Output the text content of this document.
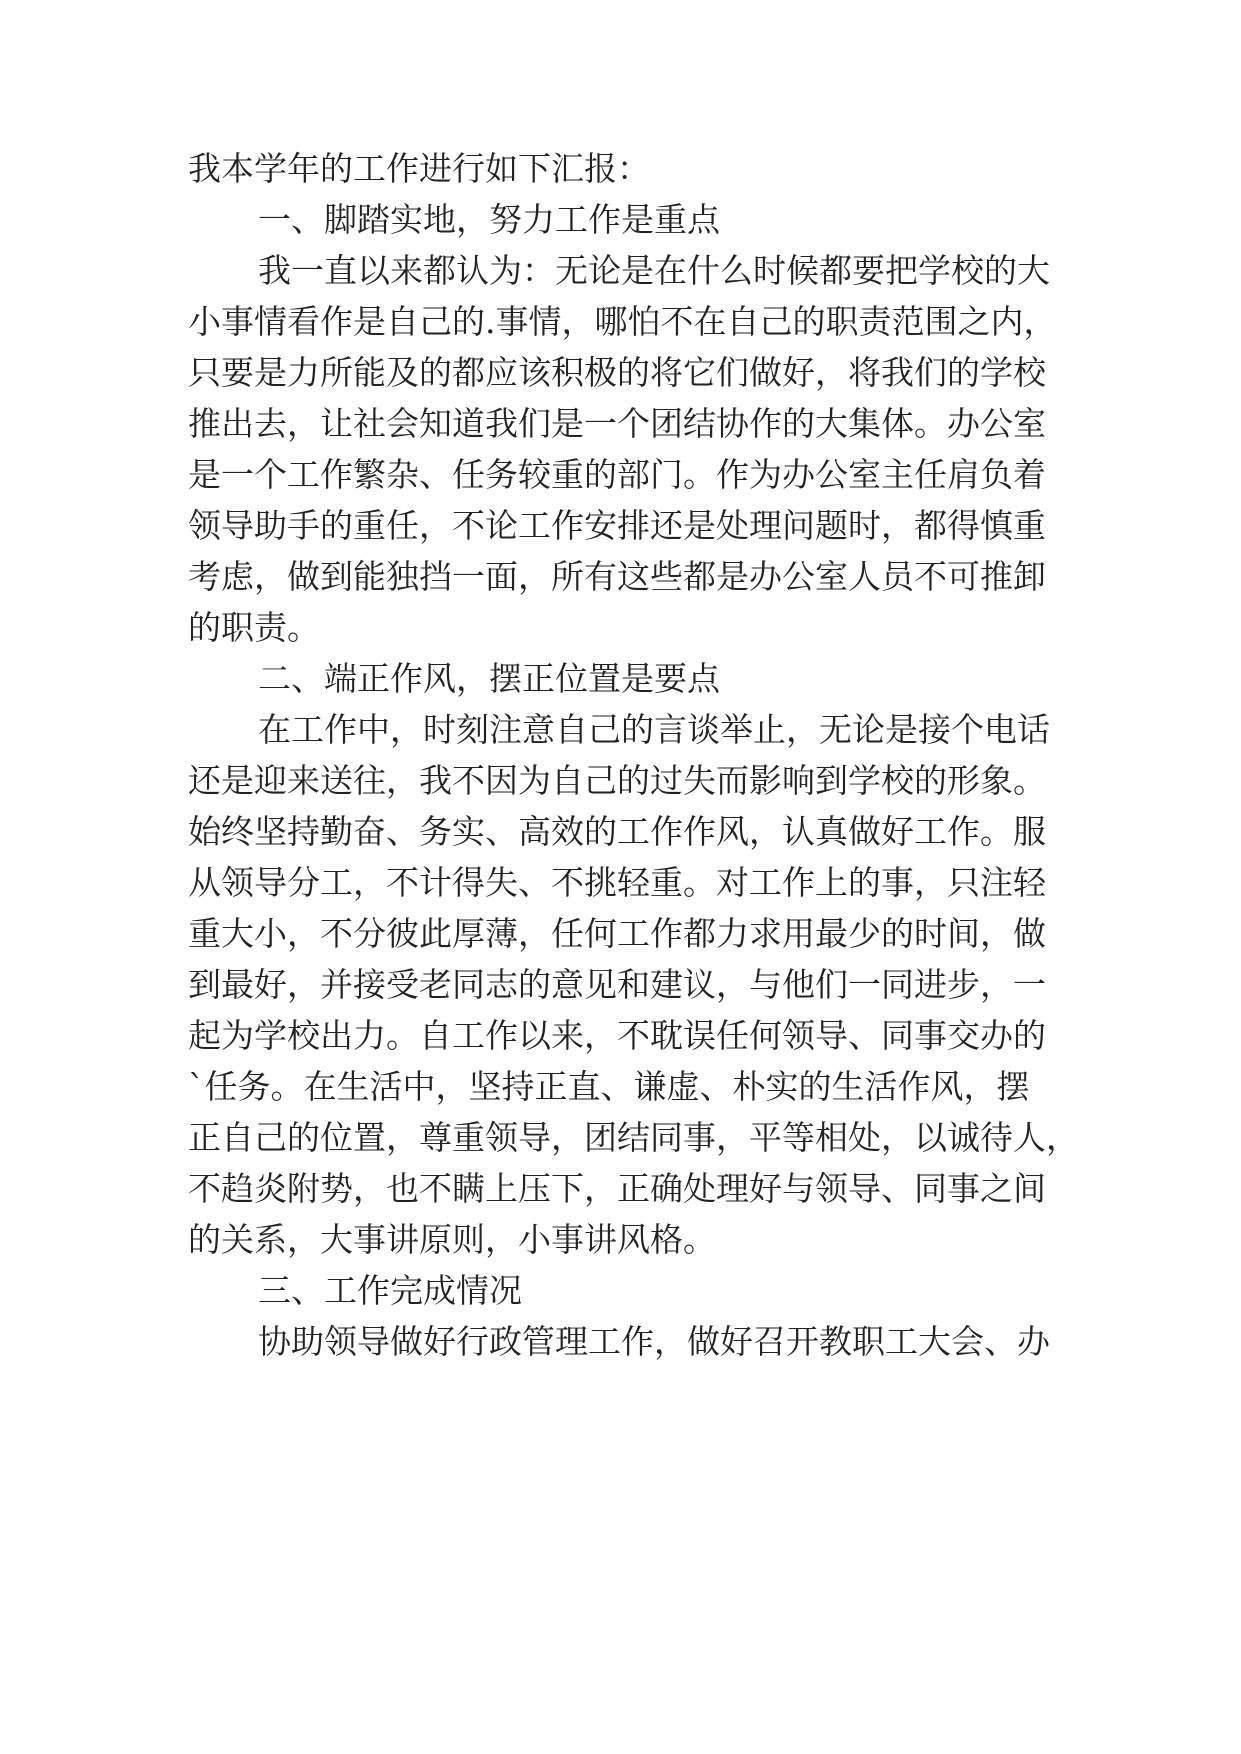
我本学年的工作进行如下汇报：
一、脚踏实地，努力工作是重点
我一直以来都认为：无论是在什么时候都要把学校的大
小事情看作是自己的.事情，哪怕不在自己的职责范围之内，
只要是力所能及的都应该积极的将它们做好，将我们的学校
推出去，让社会知道我们是一个团结协作的大集体。办公室
是一个工作繁杂、任务较重的部门。作为办公室主任肩负着
领导助手的重任，不论工作安排还是处理问题时，都得慎重
考虑，做到能独挡一面，所有这些都是办公室人员不可推卸
的职责。
二、端正作风，摆正位置是要点
在工作中，时刻注意自己的言谈举止，无论是接个电话
还是迎来送往，我不因为自己的过失而影响到学校的形象。
始终坚持勤奋、务实、高效的工作作风，认真做好工作。服
从领导分工，不计得失、不挑轻重。对工作上的事，只注轻
重大小，不分彼此厚薄，任何工作都力求用最少的时间，做
到最好，并接受老同志的意见和建议，与他们一同进步，一
起为学校出力。自工作以来，不耽误任何领导、同事交办的
`任务。在生活中，坚持正直、谦虚、朴实的生活作风，摆
正自己的位置，尊重领导，团结同事，平等相处，以诚待人，
不趋炎附势，也不瞒上压下，正确处理好与领导、同事之间
的关系，大事讲原则，小事讲风格。
三、工作完成情况
协助领导做好行政管理工作，做好召开教职工大会、办
